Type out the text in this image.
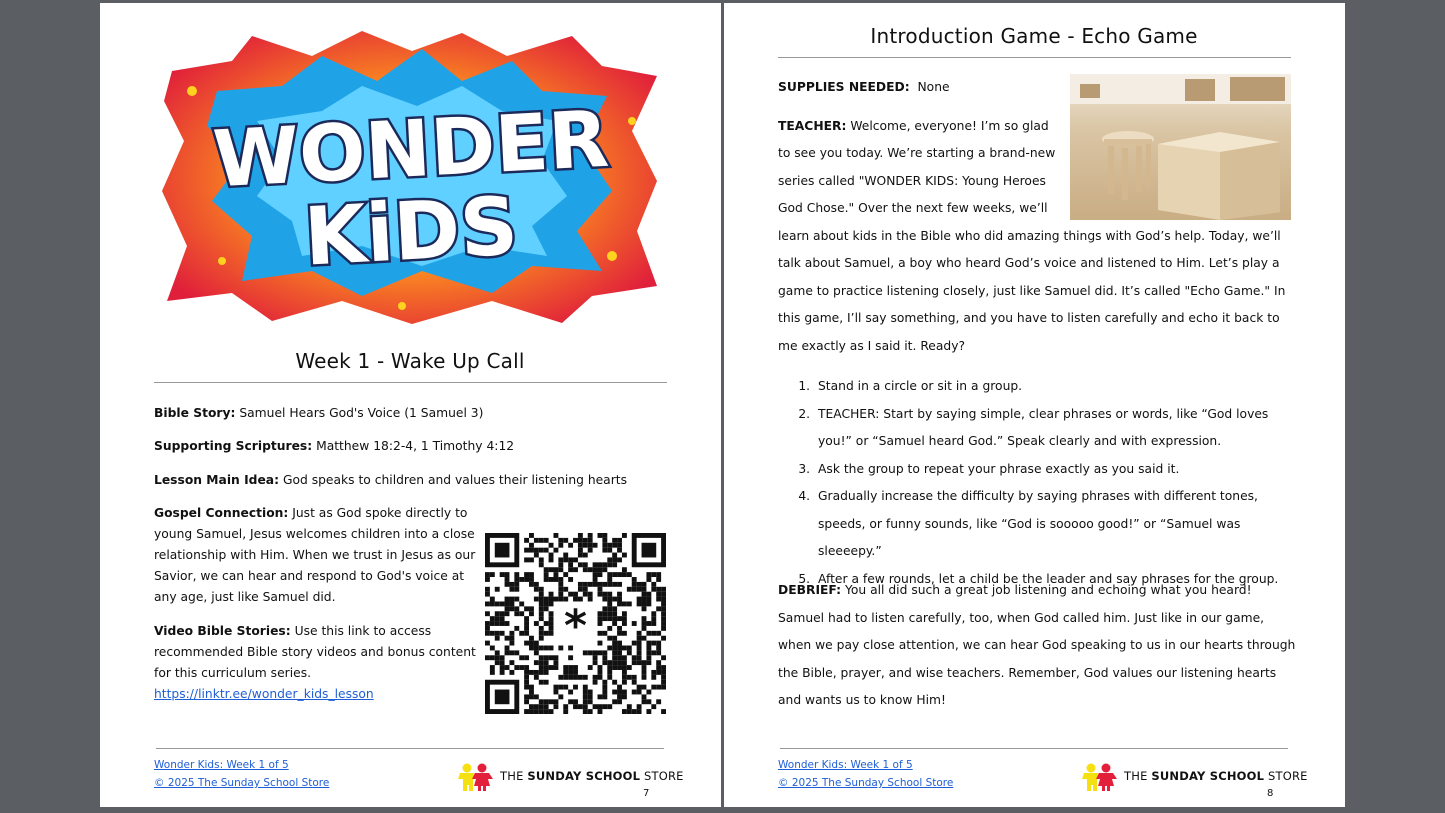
WONDER
KiDS
Week 1 - Wake Up Call
Bible Story: Samuel Hears God's Voice (1 Samuel 3)
Supporting Scriptures: Matthew 18:2-4, 1 Timothy 4:12
Lesson Main Idea: God speaks to children and values their listening hearts
Gospel Connection: Just as God spoke directly to young Samuel, Jesus welcomes children into a close relationship with Him. When we trust in Jesus as our Savior, we can hear and respond to God's voice at any age, just like Samuel did.
Video Bible Stories: Use this link to access recommended Bible story videos and bonus content for this curriculum series.
https://linktr.ee/wonder_kids_lesson
*
Wonder Kids: Week 1 of 5
© 2025 The Sunday School Store	THE SUNDAY SCHOOL STORE
7
Introduction Game - Echo Game
SUPPLIES NEEDED: None
TEACHER: Welcome, everyone! I’m so glad to see you today. We’re starting a brand-new series called "WONDER KIDS: Young Heroes God Chose." Over the next few weeks, we’ll learn about kids in the Bible who did amazing things with God’s help. Today, we’ll talk about Samuel, a boy who heard God’s voice and listened to Him. Let’s play a game to practice listening closely, just like Samuel did. It’s called "Echo Game." In this game, I’ll say something, and you have to listen carefully and echo it back to me exactly as I said it. Ready?
1. Stand in a circle or sit in a group.
2. TEACHER: Start by saying simple, clear phrases or words, like “God loves you!” or “Samuel heard God.” Speak clearly and with expression.
3. Ask the group to repeat your phrase exactly as you said it.
4. Gradually increase the difficulty by saying phrases with different tones, speeds, or funny sounds, like “God is sooooo good!” or “Samuel was sleeeepy.”
5. After a few rounds, let a child be the leader and say phrases for the group.
DEBRIEF: You all did such a great job listening and echoing what you heard! Samuel had to listen carefully, too, when God called him. Just like in our game, when we pay close attention, we can hear God speaking to us in our hearts through the Bible, prayer, and wise teachers. Remember, God values our listening hearts and wants us to know Him!
Wonder Kids: Week 1 of 5
© 2025 The Sunday School Store	THE SUNDAY SCHOOL STORE
8
